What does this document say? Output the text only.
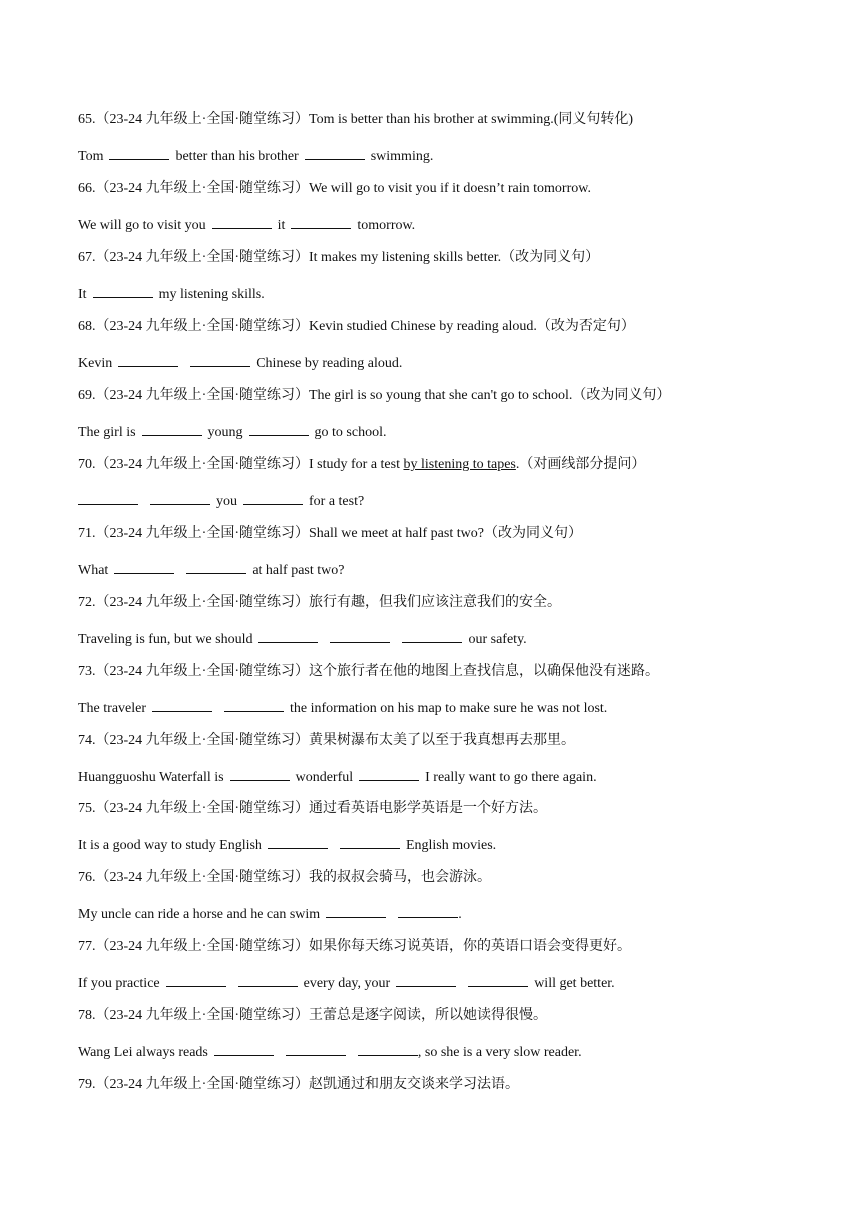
65.（23-24 九年级上·全国·随堂练习）Tom is better than his brother at swimming.(同义句转化)
Tom	better than his brother	swimming.
66.（23-24 九年级上·全国·随堂练习）We will go to visit you if it doesn’t rain tomorrow.
We will go to visit you	it	tomorrow.
67.（23-24 九年级上·全国·随堂练习）It makes my listening skills better.（改为同义句）
It	my listening skills.
68.（23-24 九年级上·全国·随堂练习）Kevin studied Chinese by reading aloud.（改为否定句）
Kevin	Chinese by reading aloud.
69.（23-24 九年级上·全国·随堂练习）The girl is so young that she can't go to school.（改为同义句）
The girl is	young	go to school.
70.（23-24 九年级上·全国·随堂练习）I study for a test by listening to tapes.（对画线部分提问）
you	for a test?
71.（23-24 九年级上·全国·随堂练习）Shall we meet at half past two?（改为同义句）
What	at half past two?
72.（23-24 九年级上·全国·随堂练习）旅行有趣，但我们应该注意我们的安全。
Traveling is fun, but we should	our safety.
73.（23-24 九年级上·全国·随堂练习）这个旅行者在他的地图上查找信息，以确保他没有迷路。
The traveler	the information on his map to make sure he was not lost.
74.（23-24 九年级上·全国·随堂练习）黄果树瀑布太美了以至于我真想再去那里。
Huangguoshu Waterfall is	wonderful	I really want to go there again.
75.（23-24 九年级上·全国·随堂练习）通过看英语电影学英语是一个好方法。
It is a good way to study English	English movies.
76.（23-24 九年级上·全国·随堂练习）我的叔叔会骑马，也会游泳。
My uncle can ride a horse and he can swim	.
77.（23-24 九年级上·全国·随堂练习）如果你每天练习说英语，你的英语口语会变得更好。
If you practice	every day, your	will get better.
78.（23-24 九年级上·全国·随堂练习）王蕾总是逐字阅读，所以她读得很慢。
Wang Lei always reads	, so she is a very slow reader.
79.（23-24 九年级上·全国·随堂练习）赵凯通过和朋友交谈来学习法语。
